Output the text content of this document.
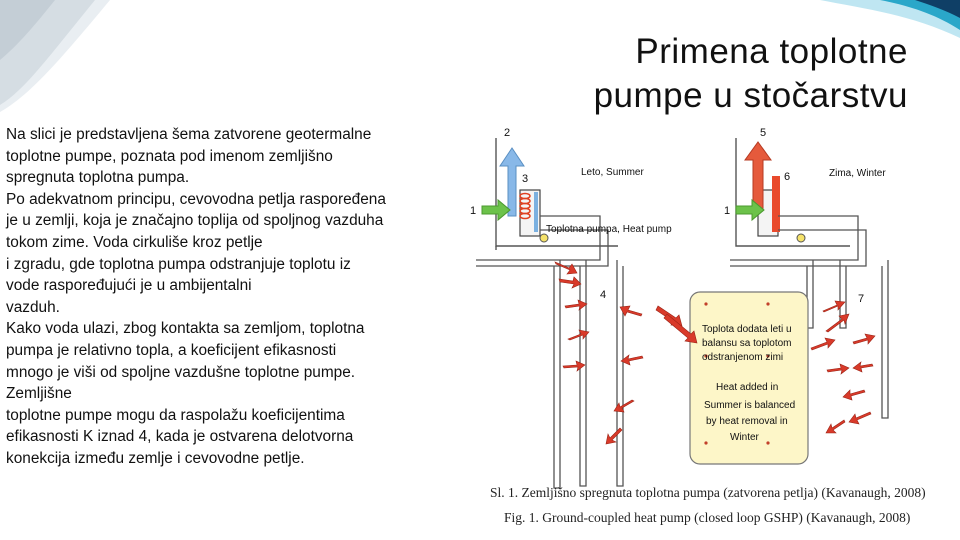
Primena toplotne
pumpe u stočarstvu
Na slici je predstavljena šema zatvorene geotermalne
toplotne pumpe, poznata pod imenom zemljišno
spregnuta toplotna pumpa.
Po adekvatnom principu, cevovodna petlja raspoređena
je u zemlji, koja je značajno toplija od spoljnog vazduha
tokom zime. Voda cirkuliše kroz petlje
i zgradu, gde toplotna pumpa odstranjuje toplotu iz
vode raspoređujući je u ambijentalni
vazduh.
Kako voda ulazi, zbog kontakta sa zemljom, toplotna
pumpa je relativno topla, a koeficijent efikasnosti
mnogo je viši od spoljne vazdušne toplotne pumpe.
Zemljišne
toplotne pumpe mogu da raspolažu koeficijentima
efikasnosti K iznad 4, kada je ostvarena delotvorna
konekcija između zemlje i cevovodne petlje.
1
2
3
4
5
6
1
7
Leto, Summer	Zima, Winter
Toplotna pumpa, Heat pump
Toplota dodata leti u
balansu sa toplotom
odstranjenom zimi
Heat added in
Summer is balanced
by heat removal in
Winter
Sl. 1. Zemljišno spregnuta toplotna pumpa (zatvorena petlja) (Kavanaugh, 2008)
Fig. 1. Ground-coupled heat pump (closed loop GSHP) (Kavanaugh, 2008)
